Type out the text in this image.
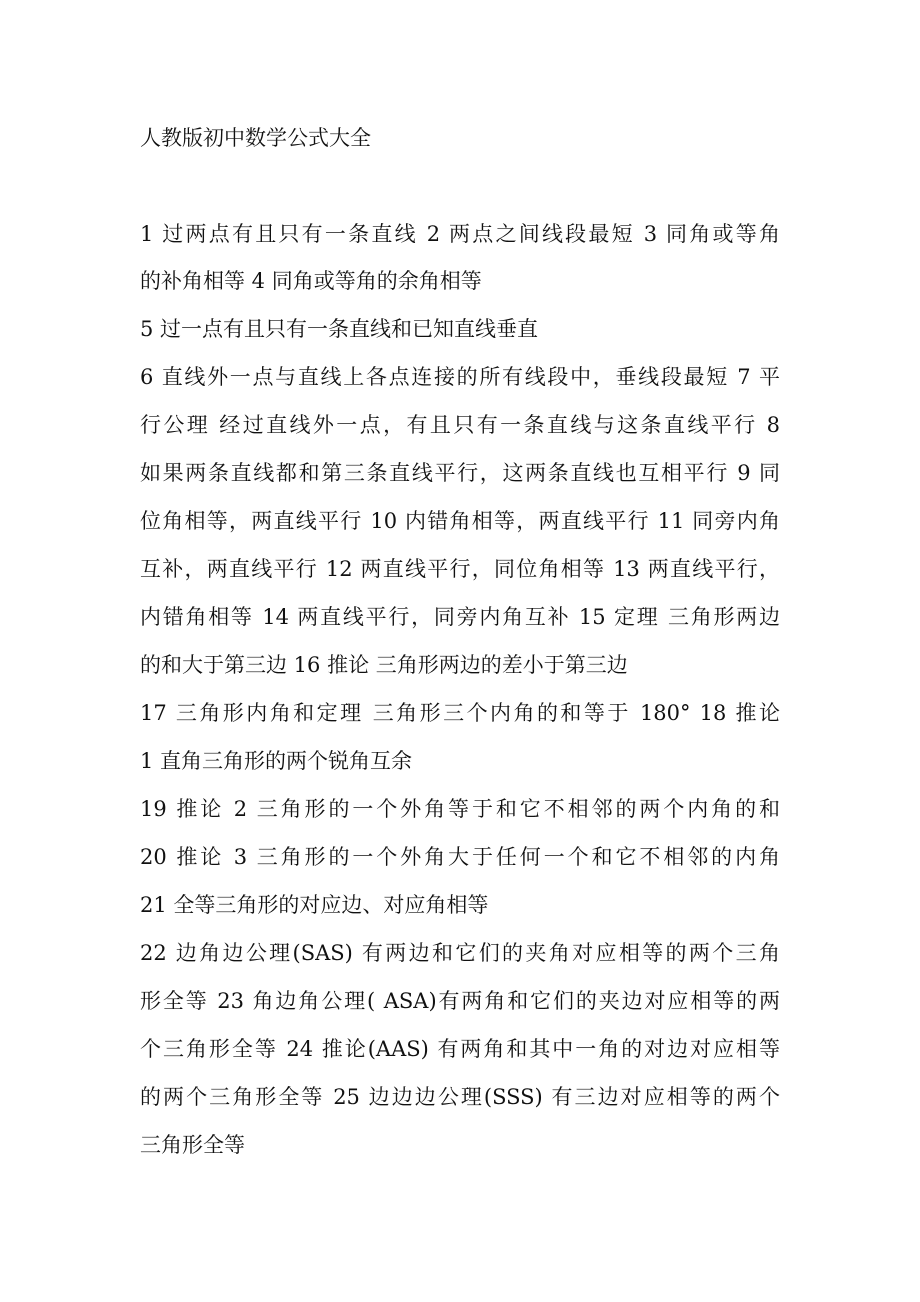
人教版初中数学公式大全
1 过两点有且只有一条直线 2 两点之间线段最短 3 同角或等角
的补角相等 4 同角或等角的余角相等
5 过一点有且只有一条直线和已知直线垂直
6 直线外一点与直线上各点连接的所有线段中，垂线段最短 7 平
行公理 经过直线外一点，有且只有一条直线与这条直线平行 8
如果两条直线都和第三条直线平行，这两条直线也互相平行 9 同
位角相等，两直线平行 10 内错角相等，两直线平行 11 同旁内角
互补，两直线平行 12 两直线平行，同位角相等 13 两直线平行，
内错角相等 14 两直线平行，同旁内角互补 15 定理 三角形两边
的和大于第三边 16 推论 三角形两边的差小于第三边
17 三角形内角和定理 三角形三个内角的和等于 180° 18 推论
1 直角三角形的两个锐角互余
19 推论 2 三角形的一个外角等于和它不相邻的两个内角的和
20 推论 3 三角形的一个外角大于任何一个和它不相邻的内角
21 全等三角形的对应边、对应角相等
22 边角边公理(SAS) 有两边和它们的夹角对应相等的两个三角
形全等 23 角边角公理( ASA)有两角和它们的夹边对应相等的两
个三角形全等 24 推论(AAS) 有两角和其中一角的对边对应相等
的两个三角形全等 25 边边边公理(SSS) 有三边对应相等的两个
三角形全等
